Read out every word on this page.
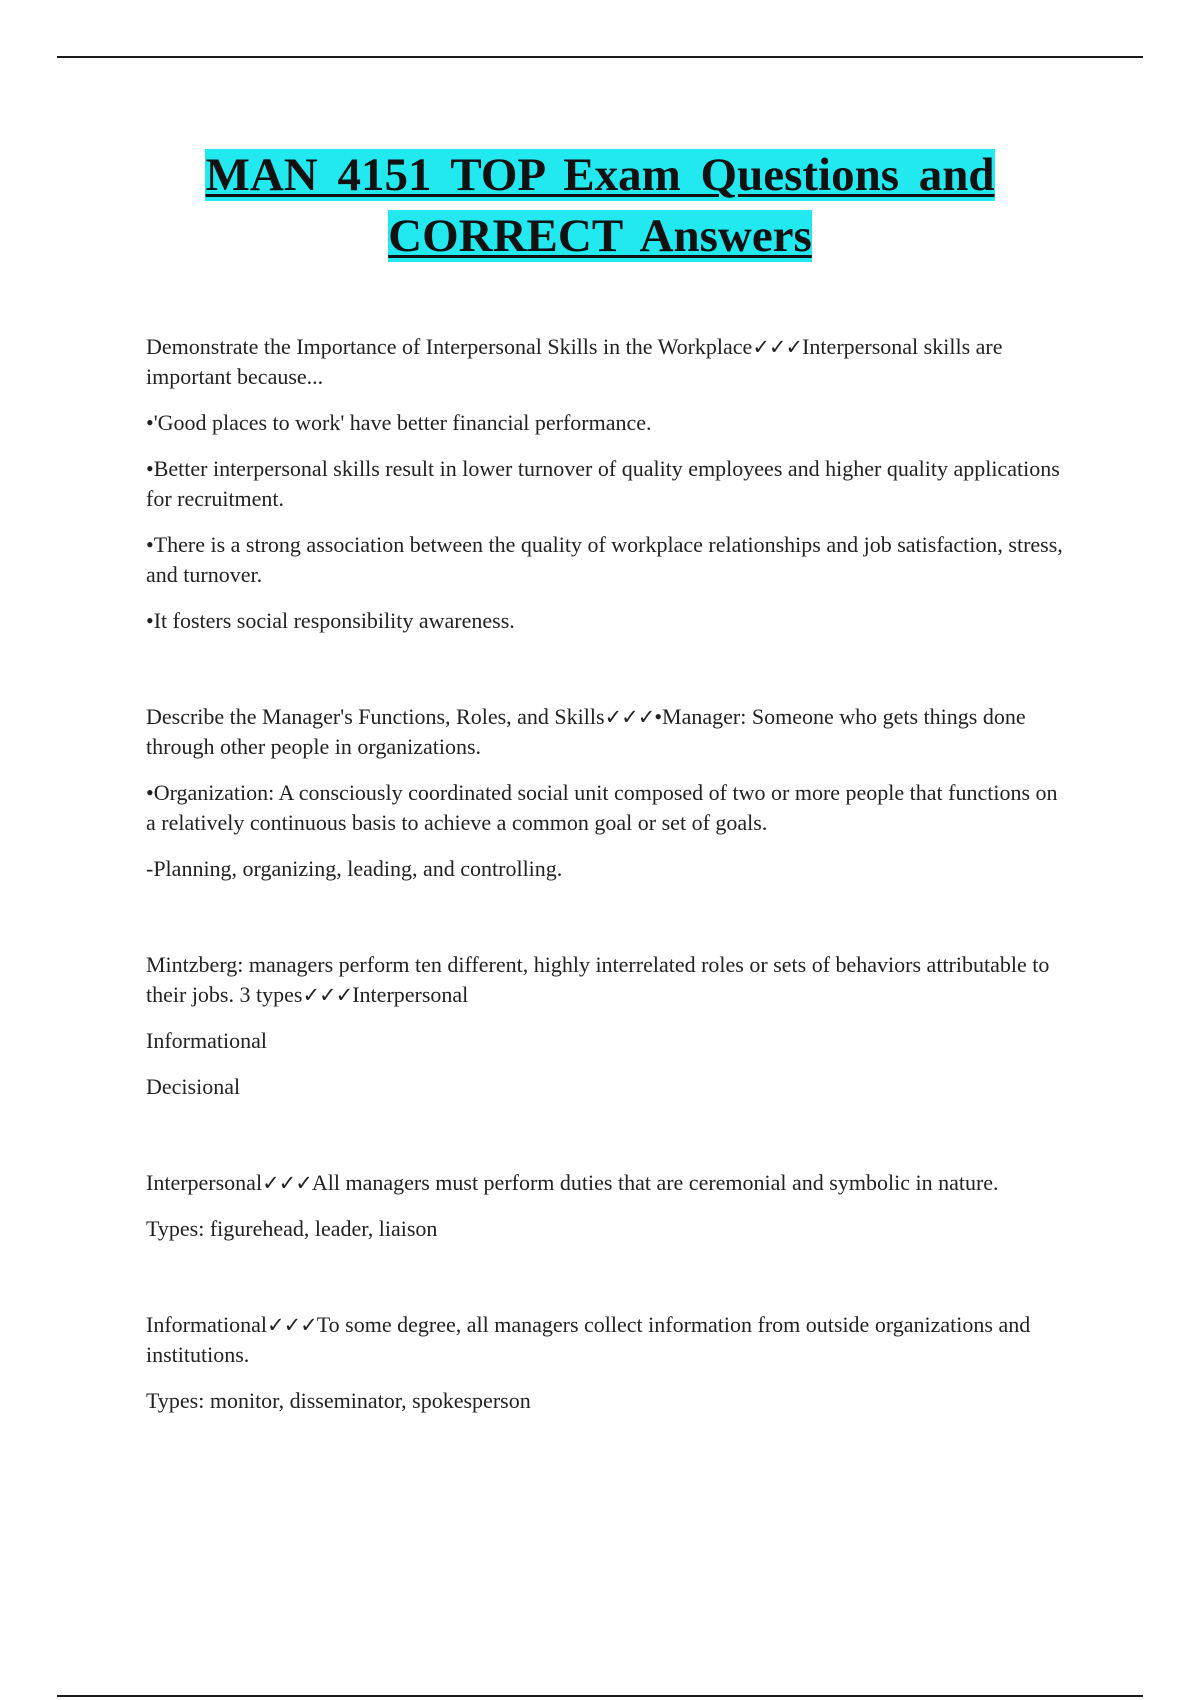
MAN 4151 TOP Exam Questions and
CORRECT Answers

Demonstrate the Importance of Interpersonal Skills in the Workplace✓✓✓Interpersonal skills are important because...

•'Good places to work' have better financial performance.

•Better interpersonal skills result in lower turnover of quality employees and higher quality applications for recruitment.

•There is a strong association between the quality of workplace relationships and job satisfaction, stress, and turnover.

•It fosters social responsibility awareness.

Describe the Manager's Functions, Roles, and Skills✓✓✓•Manager: Someone who gets things done through other people in organizations.

•Organization: A consciously coordinated social unit composed of two or more people that functions on a relatively continuous basis to achieve a common goal or set of goals.

-Planning, organizing, leading, and controlling.

Mintzberg: managers perform ten different, highly interrelated roles or sets of behaviors attributable to their jobs. 3 types✓✓✓Interpersonal

Informational

Decisional

Interpersonal✓✓✓All managers must perform duties that are ceremonial and symbolic in nature.

Types: figurehead, leader, liaison

Informational✓✓✓To some degree, all managers collect information from outside organizations and institutions.

Types: monitor, disseminator, spokesperson
